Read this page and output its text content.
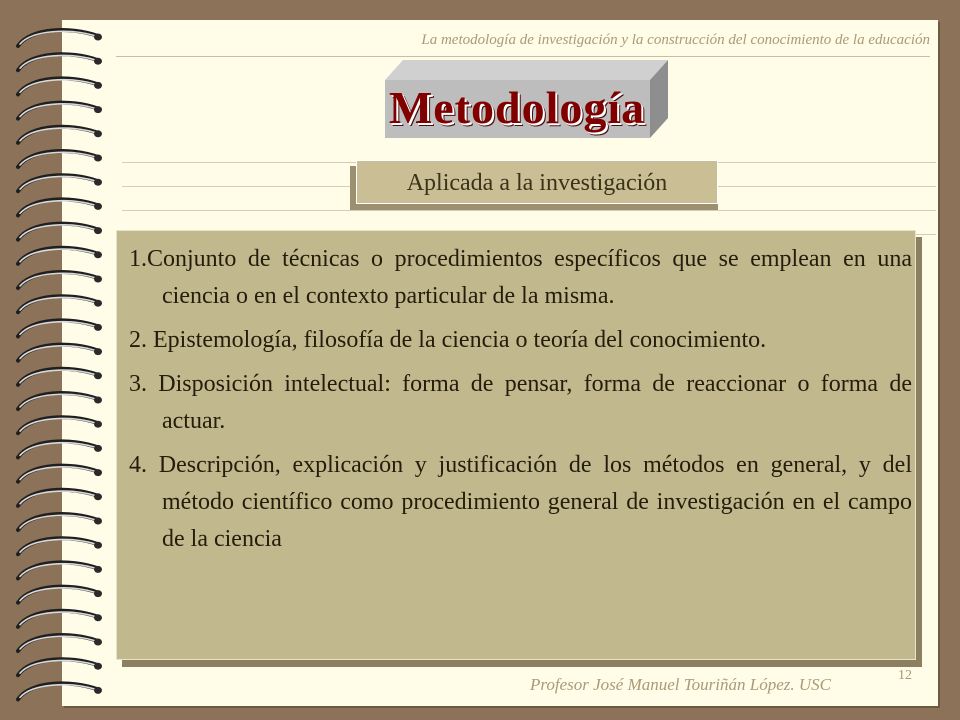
La metodología de investigación y la construcción del conocimiento de la educación
Metodología
Aplicada a la investigación

1.Conjunto de técnicas o procedimientos específicos que se emplean en una ciencia o en el contexto particular de la misma.

2. Epistemología, filosofía de la ciencia o teoría del conocimiento.

3. Disposición intelectual: forma de pensar, forma de reaccionar o forma de actuar.

4. Descripción, explicación y justificación de los métodos en general, y del método científico como procedimiento general de investigación en el campo de la ciencia

Profesor José Manuel Touriñán López. USC	12
